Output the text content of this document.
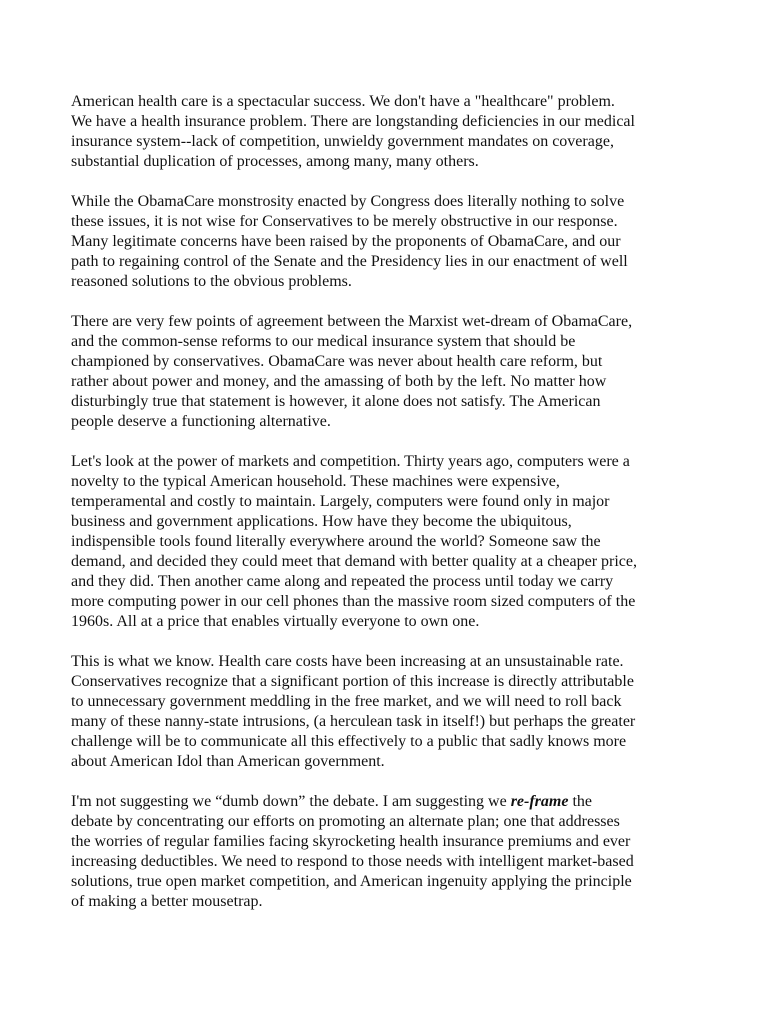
American health care is a spectacular success. We don't have a "healthcare" problem.
We have a health insurance problem. There are longstanding deficiencies in our medical
insurance system--lack of competition, unwieldy government mandates on coverage,
substantial duplication of processes, among many, many others.

While the ObamaCare monstrosity enacted by Congress does literally nothing to solve
these issues, it is not wise for Conservatives to be merely obstructive in our response.
Many legitimate concerns have been raised by the proponents of ObamaCare, and our
path to regaining control of the Senate and the Presidency lies in our enactment of well
reasoned solutions to the obvious problems.

There are very few points of agreement between the Marxist wet-dream of ObamaCare,
and the common-sense reforms to our medical insurance system that should be
championed by conservatives. ObamaCare was never about health care reform, but
rather about power and money, and the amassing of both by the left. No matter how
disturbingly true that statement is however, it alone does not satisfy. The American
people deserve a functioning alternative.

Let's look at the power of markets and competition. Thirty years ago, computers were a
novelty to the typical American household. These machines were expensive,
temperamental and costly to maintain. Largely, computers were found only in major
business and government applications. How have they become the ubiquitous,
indispensible tools found literally everywhere around the world? Someone saw the
demand, and decided they could meet that demand with better quality at a cheaper price,
and they did. Then another came along and repeated the process until today we carry
more computing power in our cell phones than the massive room sized computers of the
1960s. All at a price that enables virtually everyone to own one.

This is what we know. Health care costs have been increasing at an unsustainable rate.
Conservatives recognize that a significant portion of this increase is directly attributable
to unnecessary government meddling in the free market, and we will need to roll back
many of these nanny-state intrusions, (a herculean task in itself!) but perhaps the greater
challenge will be to communicate all this effectively to a public that sadly knows more
about American Idol than American government.

I'm not suggesting we “dumb down” the debate. I am suggesting we re-frame the
debate by concentrating our efforts on promoting an alternate plan; one that addresses
the worries of regular families facing skyrocketing health insurance premiums and ever
increasing deductibles. We need to respond to those needs with intelligent market-based
solutions, true open market competition, and American ingenuity applying the principle
of making a better mousetrap.
